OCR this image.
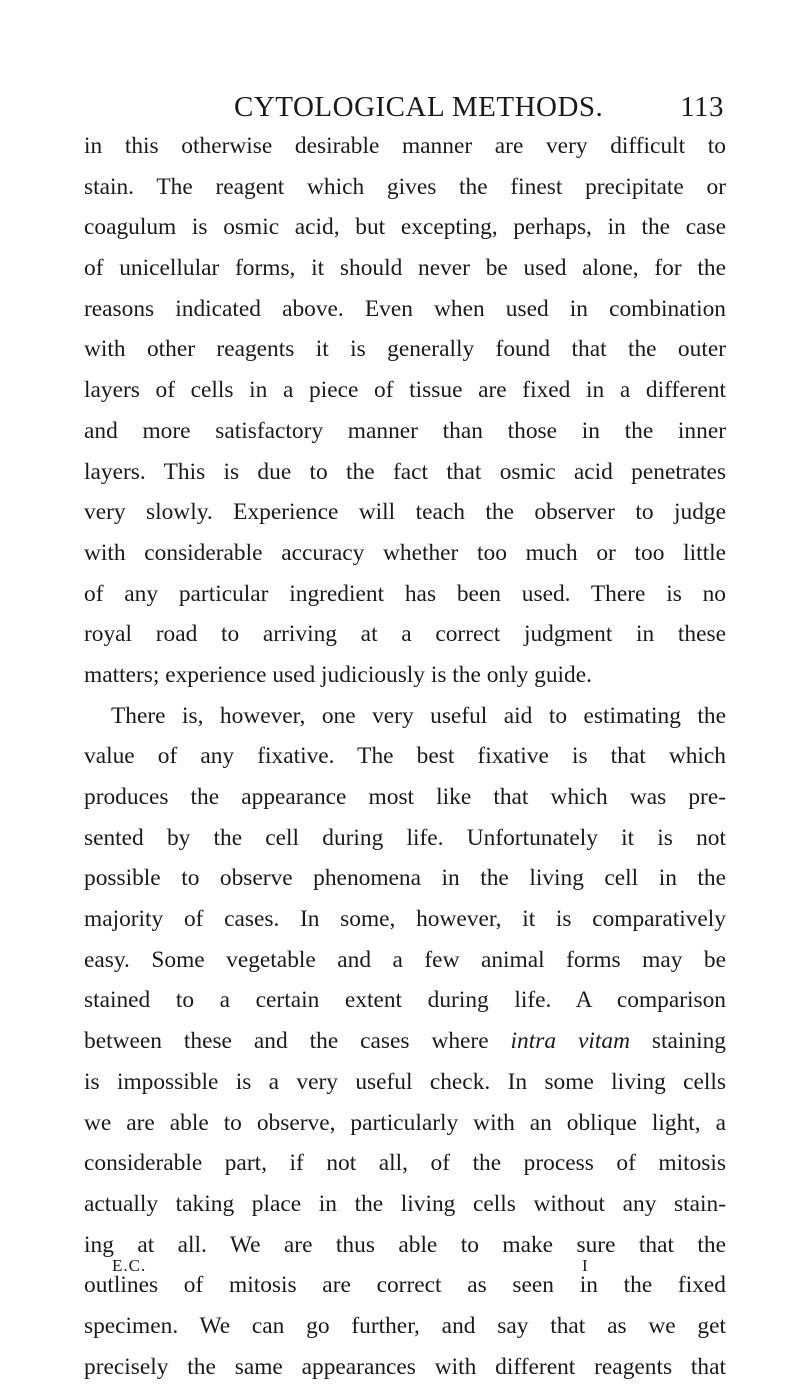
CYTOLOGICAL METHODS.	113
in this otherwise desirable manner are very difficult to
stain. The reagent which gives the finest precipitate or
coagulum is osmic acid, but excepting, perhaps, in the case
of unicellular forms, it should never be used alone, for the
reasons indicated above. Even when used in combination
with other reagents it is generally found that the outer
layers of cells in a piece of tissue are fixed in a different
and more satisfactory manner than those in the inner
layers. This is due to the fact that osmic acid penetrates
very slowly. Experience will teach the observer to judge
with considerable accuracy whether too much or too little
of any particular ingredient has been used. There is no
royal road to arriving at a correct judgment in these
matters; experience used judiciously is the only guide.
There is, however, one very useful aid to estimating the
value of any fixative. The best fixative is that which
produces the appearance most like that which was pre-
sented by the cell during life. Unfortunately it is not
possible to observe phenomena in the living cell in the
majority of cases. In some, however, it is comparatively
easy. Some vegetable and a few animal forms may be
stained to a certain extent during life. A comparison
between these and the cases where intra vitam staining
is impossible is a very useful check. In some living cells
we are able to observe, particularly with an oblique light, a
considerable part, if not all, of the process of mitosis
actually taking place in the living cells without any stain-
ing at all. We are thus able to make sure that the
outlines of mitosis are correct as seen in the fixed
specimen. We can go further, and say that as we get
precisely the same appearances with different reagents that
E.C.	I
